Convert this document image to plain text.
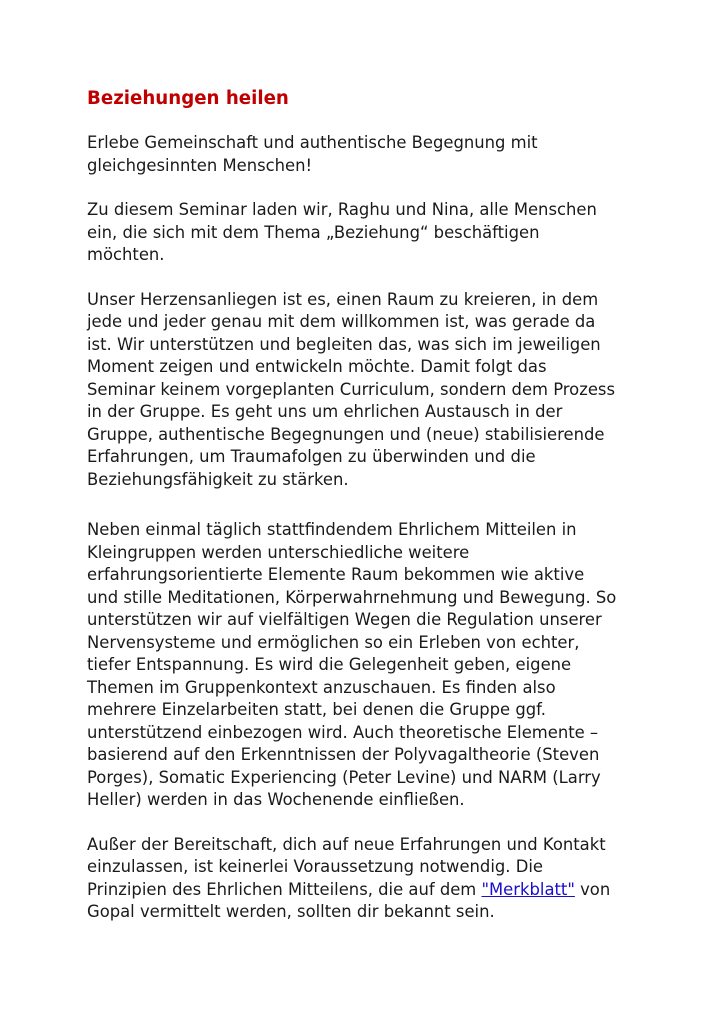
Beziehungen heilen

Erlebe Gemeinschaft und authentische Begegnung mit
gleichgesinnten Menschen!

Zu diesem Seminar laden wir, Raghu und Nina, alle Menschen
ein, die sich mit dem Thema „Beziehung“ beschäftigen
möchten.

Unser Herzensanliegen ist es, einen Raum zu kreieren, in dem
jede und jeder genau mit dem willkommen ist, was gerade da
ist. Wir unterstützen und begleiten das, was sich im jeweiligen
Moment zeigen und entwickeln möchte. Damit folgt das
Seminar keinem vorgeplanten Curriculum, sondern dem Prozess
in der Gruppe. Es geht uns um ehrlichen Austausch in der
Gruppe, authentische Begegnungen und (neue) stabilisierende
Erfahrungen, um Traumafolgen zu überwinden und die
Beziehungsfähigkeit zu stärken.

Neben einmal täglich stattfindendem Ehrlichem Mitteilen in
Kleingruppen werden unterschiedliche weitere
erfahrungsorientierte Elemente Raum bekommen wie aktive
und stille Meditationen, Körperwahrnehmung und Bewegung. So
unterstützen wir auf vielfältigen Wegen die Regulation unserer
Nervensysteme und ermöglichen so ein Erleben von echter,
tiefer Entspannung. Es wird die Gelegenheit geben, eigene
Themen im Gruppenkontext anzuschauen. Es finden also
mehrere Einzelarbeiten statt, bei denen die Gruppe ggf.
unterstützend einbezogen wird. Auch theoretische Elemente –
basierend auf den Erkenntnissen der Polyvagaltheorie (Steven
Porges), Somatic Experiencing (Peter Levine) und NARM (Larry
Heller) werden in das Wochenende einfließen.

Außer der Bereitschaft, dich auf neue Erfahrungen und Kontakt
einzulassen, ist keinerlei Voraussetzung notwendig. Die
Prinzipien des Ehrlichen Mitteilens, die auf dem "Merkblatt" von
Gopal vermittelt werden, sollten dir bekannt sein.
